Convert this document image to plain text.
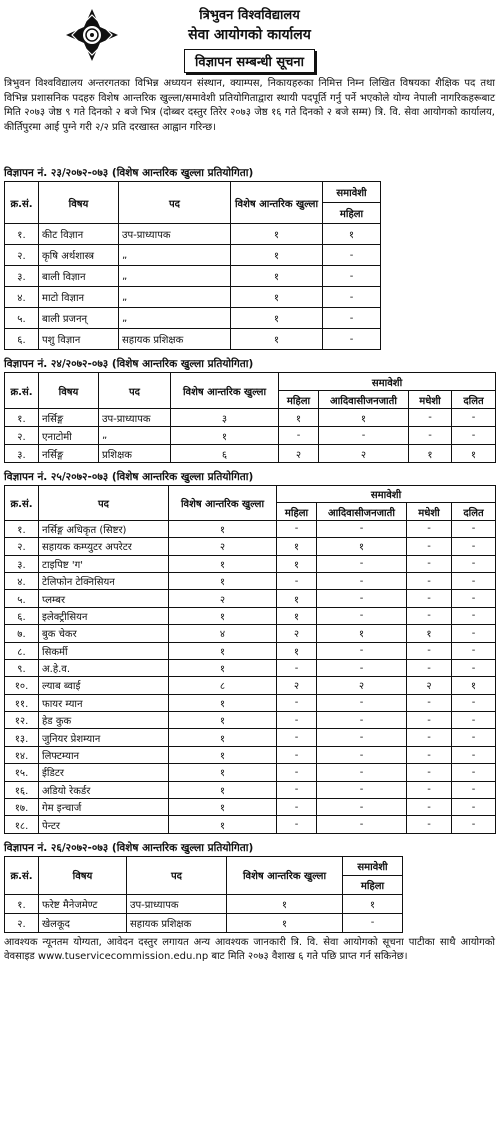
त्रिभुवन विश्वविद्यालय
सेवा आयोगको कार्यालय
विज्ञापन सम्बन्धी सूचना

त्रिभुवन विश्वविद्यालय अन्तरगतका विभिन्न अध्ययन संस्थान, क्याम्पस, निकायहरुका निमित्त निम्न लिखित विषयका शैक्षिक पद तथा विभिन्न प्रशासनिक पदहरु विशेष आन्तरिक खुल्ला/समावेशी प्रतियोगिताद्वारा स्थायी पदपूर्ति गर्नु पर्ने भएकोले योग्य नेपाली नागरिकहरूबाट मिति २०७३ जेष्ठ ९ गते दिनको २ बजे भित्र (दोब्बर दस्तुर तिरेर २०७३ जेष्ठ १६ गते दिनको २ बजे सम्म) त्रि. वि. सेवा आयोगको कार्यालय, कीर्तिपुरमा आई पुग्ने गरी २/२ प्रति दरखास्त आह्वान गरिन्छ।

विज्ञापन नं. २३/२०७२-०७३ (विशेष आन्तरिक खुल्ला प्रतियोगिता)
क्र.सं.	विषय	पद	विशेष आन्तरिक खुल्ला	समावेशी
				महिला
१.	कीट विज्ञान	उप-प्राध्यापक	१	१
२.	कृषि अर्थशास्त्र	„	१	-
३.	बाली विज्ञान	„	१	-
४.	माटो विज्ञान	„	१	-
५.	बाली प्रजनन्	„	१	-
६.	पशु विज्ञान	सहायक प्रशिक्षक	१	-
विज्ञापन नं. २४/२०७२-०७३ (विशेष आन्तरिक खुल्ला प्रतियोगिता)
क्र.सं.	विषय	पद	विशेष आन्तरिक खुल्ला	समावेशी			
				महिला	आदिवासीजनजाती	मधेशी	दलित
१.	नर्सिङ्ग	उप-प्राध्यापक	३	१	१	-	-
२.	एनाटोमी	„	१	-	-	-	-
३.	नर्सिङ्ग	प्रशिक्षक	६	२	२	१	१
विज्ञापन नं. २५/२०७२-०७३ (विशेष आन्तरिक खुल्ला प्रतियोगिता)
क्र.सं.	पद	विशेष आन्तरिक खुल्ला	समावेशी			
			महिला	आदिवासीजनजाती	मधेशी	दलित
१.	नर्सिङ्ग अधिकृत (सिष्टर)	१	-	-	-	-
२.	सहायक कम्प्युटर अपरेटर	२	१	१	-	-
३.	टाइपिष्ट 'ग'	१	१	-	-	-
४.	टेलिफोन टेक्निसियन	१	-	-	-	-
५.	प्लम्बर	२	१	-	-	-
६.	इलेक्ट्रीसियन	१	१	-	-	-
७.	बुक चेकर	४	२	१	१	-
८.	सिकर्मी	१	१	-	-	-
९.	अ.हे.व.	१	-	-	-	-
१०.	ल्याब ब्वाई	८	२	२	२	१
११.	फायर म्यान	१	-	-	-	-
१२.	हेड कुक	१	-	-	-	-
१३.	जुनियर प्रेशम्यान	१	-	-	-	-
१४.	लिफ्टम्यान	१	-	-	-	-
१५.	ईडिटर	१	-	-	-	-
१६.	अडियो रेकर्डर	१	-	-	-	-
१७.	गेम इन्चार्ज	१	-	-	-	-
१८.	पेन्टर	१	-	-	-	-
विज्ञापन नं. २६/२०७२-०७३ (विशेष आन्तरिक खुल्ला प्रतियोगिता)
क्र.सं.	विषय	पद	विशेष आन्तरिक खुल्ला	समावेशी
				महिला
१.	फरेष्ट मैनेजमेण्ट	उप-प्राध्यापक	१	१
२.	खेलकूद	सहायक प्रशिक्षक	१	-

आवश्यक न्यूनतम योग्यता, आवेदन दस्तुर लगायत अन्य आवश्यक जानकारी त्रि. वि. सेवा आयोगको सूचना पाटीका साथै आयोगको वेवसाइड www.tuservicecommission.edu.np बाट मिति २०७३ वैशाख ६ गते पछि प्राप्त गर्न सकिनेछ।
